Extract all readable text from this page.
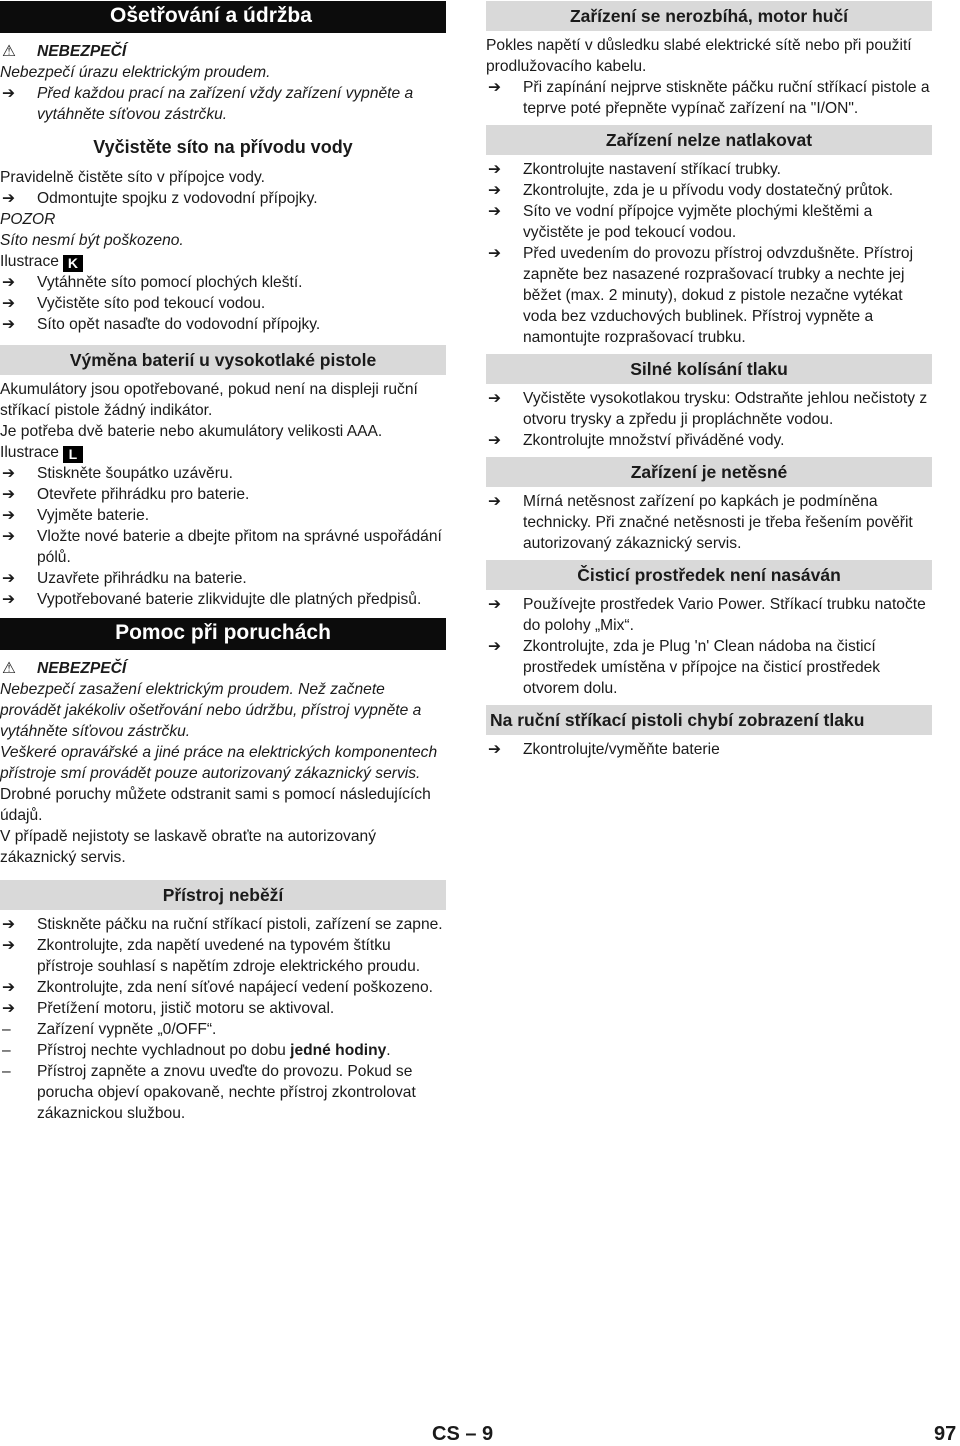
Ošetřování a údržba
⚠ NEBEZPEČÍ

Nebezpečí úrazu elektrickým proudem.

➔ Před každou prací na zařízení vždy zařízení vypněte a vytáhněte síťovou zástrčku.
Vyčistěte síto na přívodu vody

Pravidelně čistěte síto v přípojce vody.

➔ Odmontujte spojku z vodovodní přípojky.

POZOR

Síto nesmí být poškozeno.

Ilustrace K

➔ Vytáhněte síto pomocí plochých kleští.
➔ Vyčistěte síto pod tekoucí vodou.
➔ Síto opět nasaďte do vodovodní přípojky.
Výměna baterií u vysokotlaké pistole

Akumulátory jsou opotřebované, pokud není na displeji ruční stříkací pistole žádný indikátor.

Je potřeba dvě baterie nebo akumulátory velikosti AAA.

Ilustrace L

➔ Stiskněte šoupátko uzávěru.
➔ Otevřete přihrádku pro baterie.
➔ Vyjměte baterie.
➔ Vložte nové baterie a dbejte přitom na správné uspořádání pólů.
➔ Uzavřete přihrádku na baterie.
➔ Vypotřebované baterie zlikvidujte dle platných předpisů.
Pomoc při poruchách
⚠ NEBEZPEČÍ

Nebezpečí zasažení elektrickým proudem. Než začnete provádět jakékoliv ošetřování nebo údržbu, přístroj vypněte a vytáhněte síťovou zástrčku.

Veškeré opravářské a jiné práce na elektrických komponentech přístroje smí provádět pouze autorizovaný zákaznický servis.

Drobné poruchy můžete odstranit sami s pomocí následujících údajů.

V případě nejistoty se laskavě obraťte na autorizovaný zákaznický servis.

Přístroj neběží
➔ Stiskněte páčku na ruční stříkací pistoli, zařízení se zapne.
➔ Zkontrolujte, zda napětí uvedené na typovém štítku přístroje souhlasí s napětím zdroje elektrického proudu.
➔ Zkontrolujte, zda není síťové napájecí vedení poškozeno.
➔ Přetížení motoru, jistič motoru se aktivoval.
– Zařízení vypněte „0/OFF“.
– Přístroj nechte vychladnout po dobu jedné hodiny.
– Přístroj zapněte a znovu uveďte do provozu. Pokud se porucha objeví opakovaně, nechte přístroj zkontrolovat zákaznickou službou.
Zařízení se nerozbíhá, motor hučí

Pokles napětí v důsledku slabé elektrické sítě nebo při použití prodlužovacího kabelu.

➔ Při zapínání nejprve stiskněte páčku ruční stříkací pistole a teprve poté přepněte vypínač zařízení na "I/ON".
Zařízení nelze natlakovat
➔ Zkontrolujte nastavení stříkací trubky.
➔ Zkontrolujte, zda je u přívodu vody dostatečný průtok.
➔ Síto ve vodní přípojce vyjměte plochými kleštěmi a vyčistěte je pod tekoucí vodou.
➔ Před uvedením do provozu přístroj odvzdušněte. Přístroj zapněte bez nasazené rozprašovací trubky a nechte jej běžet (max. 2 minuty), dokud z pistole nezačne vytékat voda bez vzduchových bublinek. Přístroj vypněte a namontujte rozprašovací trubku.
Silné kolísání tlaku
➔ Vyčistěte vysokotlakou trysku: Odstraňte jehlou nečistoty z otvoru trysky a zpředu ji propláchněte vodou.
➔ Zkontrolujte množství přiváděné vody.
Zařízení je netěsné
➔ Mírná netěsnost zařízení po kapkách je podmíněna technicky. Při značné netěsnosti je třeba řešením pověřit autorizovaný zákaznický servis.
Čisticí prostředek není nasáván
➔ Používejte prostředek Vario Power. Stříkací trubku natočte do polohy „Mix“.
➔ Zkontrolujte, zda je Plug 'n' Clean nádoba na čisticí prostředek umístěna v přípojce na čisticí prostředek otvorem dolu.
Na ruční stříkací pistoli chybí zobrazení tlaku
➔ Zkontrolujte/vyměňte baterie
CS – 9	97
